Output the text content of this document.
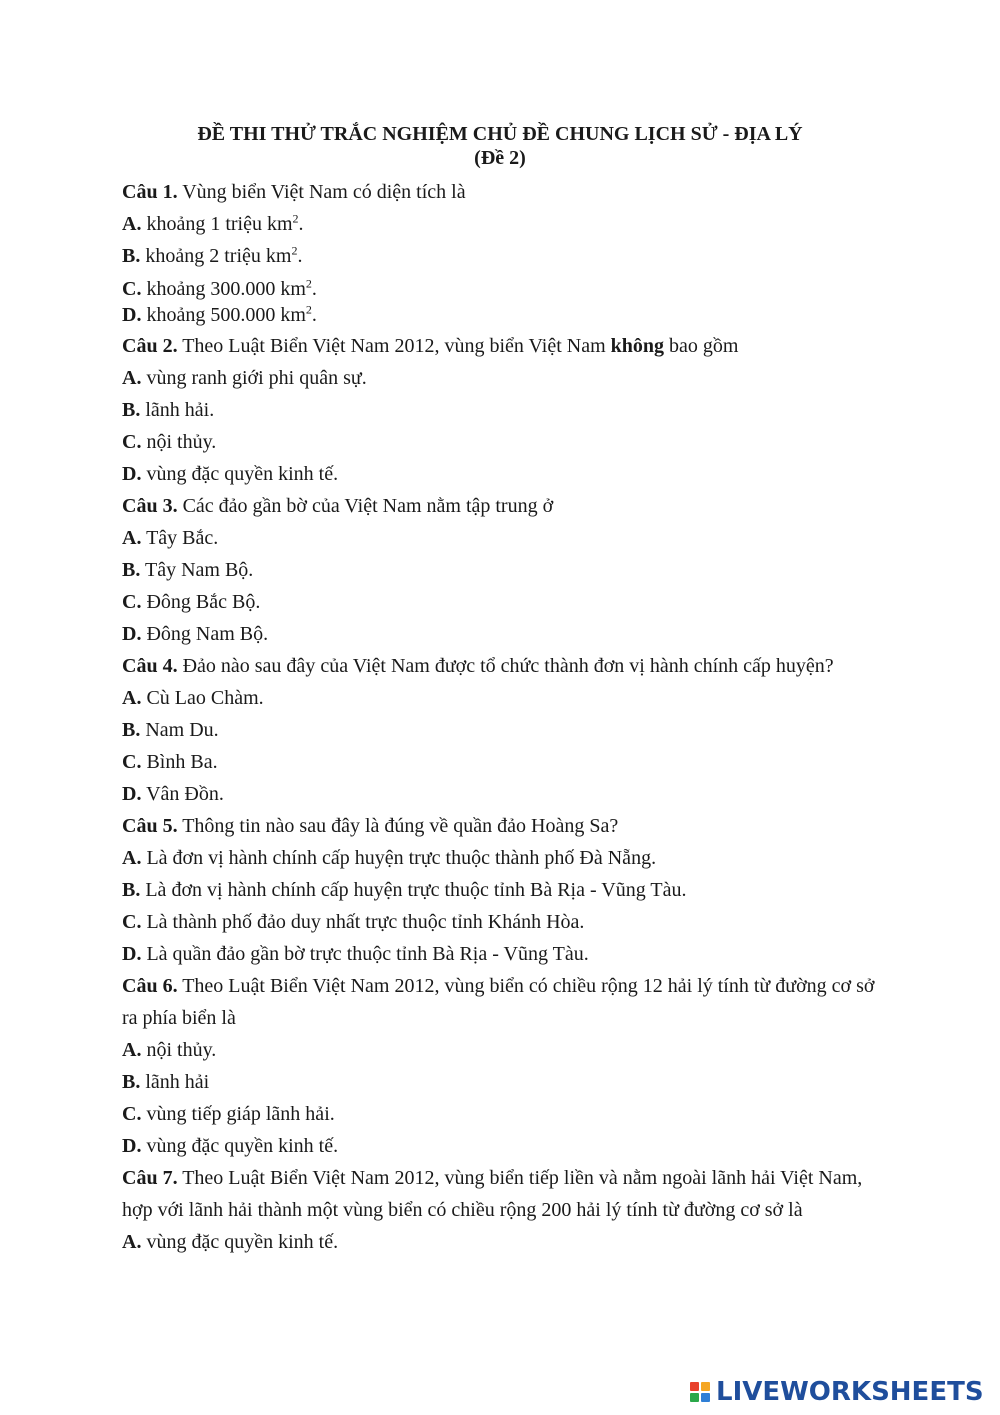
ĐỀ THI THỬ TRẮC NGHIỆM CHỦ ĐỀ CHUNG LỊCH SỬ - ĐỊA LÝ
(Đề 2)
Câu 1. Vùng biển Việt Nam có diện tích là
A. khoảng 1 triệu $km^2$.
B. khoảng 2 triệu $km^2$.
C. khoảng 300.000 $km^2$.
D. khoảng 500.000 $km^2$.
Câu 2. Theo Luật Biển Việt Nam 2012, vùng biển Việt Nam không bao gồm
A. vùng ranh giới phi quân sự.
B. lãnh hải.
C. nội thủy.
D. vùng đặc quyền kinh tế.
Câu 3. Các đảo gần bờ của Việt Nam nằm tập trung ở
A. Tây Bắc.
B. Tây Nam Bộ.
C. Đông Bắc Bộ.
D. Đông Nam Bộ.
Câu 4. Đảo nào sau đây của Việt Nam được tổ chức thành đơn vị hành chính cấp huyện?
A. Cù Lao Chàm.
B. Nam Du.
C. Bình Ba.
D. Vân Đồn.
Câu 5. Thông tin nào sau đây là đúng về quần đảo Hoàng Sa?
A. Là đơn vị hành chính cấp huyện trực thuộc thành phố Đà Nẵng.
B. Là đơn vị hành chính cấp huyện trực thuộc tỉnh Bà Rịa - Vũng Tàu.
C. Là thành phố đảo duy nhất trực thuộc tỉnh Khánh Hòa.
D. Là quần đảo gần bờ trực thuộc tỉnh Bà Rịa - Vũng Tàu.
Câu 6. Theo Luật Biển Việt Nam 2012, vùng biển có chiều rộng 12 hải lý tính từ đường cơ sở ra phía biển là
A. nội thủy.
B. lãnh hải
C. vùng tiếp giáp lãnh hải.
D. vùng đặc quyền kinh tế.
Câu 7. Theo Luật Biển Việt Nam 2012, vùng biển tiếp liền và nằm ngoài lãnh hải Việt Nam, hợp với lãnh hải thành một vùng biển có chiều rộng 200 hải lý tính từ đường cơ sở là
A. vùng đặc quyền kinh tế.
LIVEWORKSHEETS
